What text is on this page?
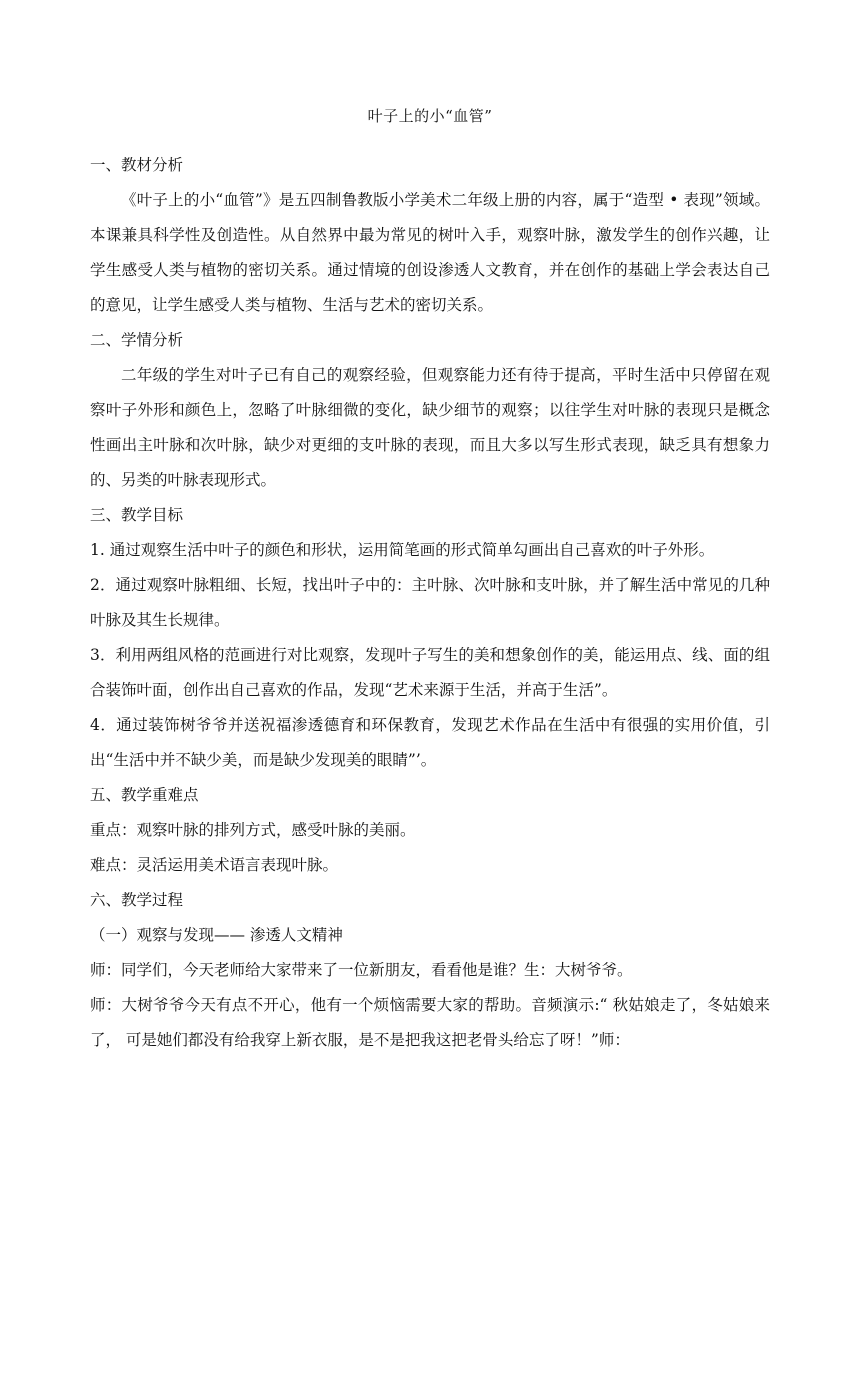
叶子上的小“血管”
一、教材分析
《叶子上的小“血管”》是五四制鲁教版小学美术二年级上册的内容，属于“造型 • 表现”领域。本课兼具科学性及创造性。从自然界中最为常见的树叶入手，观察叶脉，激发学生的创作兴趣，让学生感受人类与植物的密切关系。通过情境的创设渗透人文教育，并在创作的基础上学会表达自己的意见，让学生感受人类与植物、生活与艺术的密切关系。
二、学情分析
二年级的学生对叶子已有自己的观察经验，但观察能力还有待于提高，平时生活中只停留在观察叶子外形和颜色上，忽略了叶脉细微的变化，缺少细节的观察；以往学生对叶脉的表现只是概念性画出主叶脉和次叶脉，缺少对更细的支叶脉的表现，而且大多以写生形式表现，缺乏具有想象力的、另类的叶脉表现形式。
三、教学目标
1. 通过观察生活中叶子的颜色和形状，运用简笔画的形式简单勾画出自己喜欢的叶子外形。
2．通过观察叶脉粗细、长短，找出叶子中的：主叶脉、次叶脉和支叶脉，并了解生活中常见的几种叶脉及其生长规律。
3．利用两组风格的范画进行对比观察，发现叶子写生的美和想象创作的美，能运用点、线、面的组合装饰叶面，创作出自己喜欢的作品，发现“艺术来源于生活，并高于生活”。
4．通过装饰树爷爷并送祝福渗透德育和环保教育，发现艺术作品在生活中有很强的实用价值，引出“生活中并不缺少美，而是缺少发现美的眼睛”’。
五、教学重难点
重点：观察叶脉的排列方式，感受叶脉的美丽。
难点：灵活运用美术语言表现叶脉。
六、教学过程
（一）观察与发现—— 渗透人文精神
师：同学们，今天老师给大家带来了一位新朋友，看看他是谁？生：大树爷爷。
师：大树爷爷今天有点不开心，他有一个烦恼需要大家的帮助。音频演示:“ 秋姑娘走了，冬姑娘来了， 可是她们都没有给我穿上新衣服，是不是把我这把老骨头给忘了呀！”师：
